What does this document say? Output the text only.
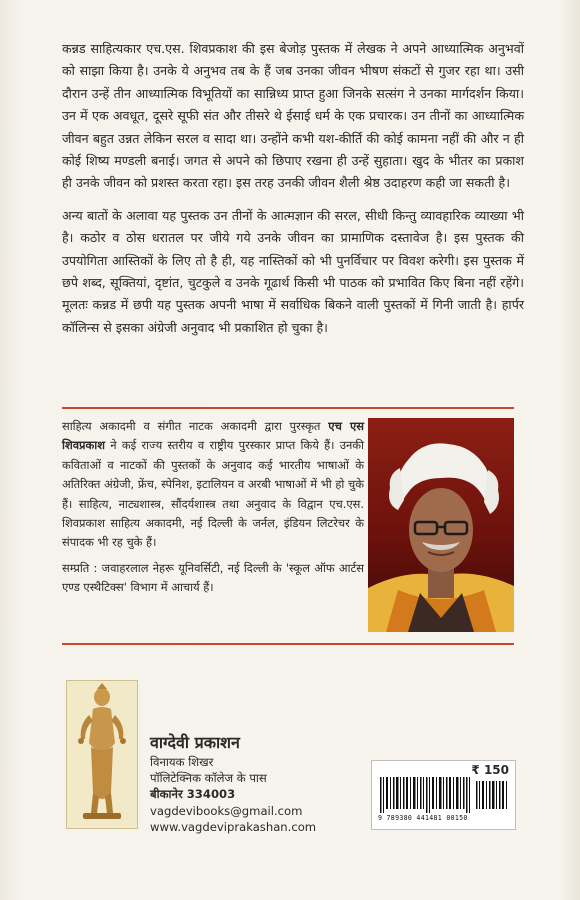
कन्नड साहित्यकार एच.एस. शिवप्रकाश की इस बेजोड़ पुस्तक में लेखक ने अपने आध्यात्मिक अनुभवों को साझा किया है। उनके ये अनुभव तब के हैं जब उनका जीवन भीषण संकटों से गुजर रहा था। उसी दौरान उन्हें तीन आध्यात्मिक विभूतियों का सान्निध्य प्राप्त हुआ जिनके सत्संग ने उनका मार्गदर्शन किया। उन में एक अवधूत, दूसरे सूफी संत और तीसरे थे ईसाई धर्म के एक प्रचारक। उन तीनों का आध्यात्मिक जीवन बहुत उन्नत लेकिन सरल व सादा था। उन्होंने कभी यश-कीर्ति की कोई कामना नहीं की और न ही कोई शिष्य मण्डली बनाई। जगत से अपने को छिपाए रखना ही उन्हें सुहाता। खुद के भीतर का प्रकाश ही उनके जीवन को प्रशस्त करता रहा। इस तरह उनकी जीवन शैली श्रेष्ठ उदाहरण कही जा सकती है।

अन्य बातों के अलावा यह पुस्तक उन तीनों के आत्मज्ञान की सरल, सीधी किन्तु व्यावहारिक व्याख्या भी है। कठोर व ठोस धरातल पर जीये गये उनके जीवन का प्रामाणिक दस्तावेज है। इस पुस्तक की उपयोगिता आस्तिकों के लिए तो है ही, यह नास्तिकों को भी पुनर्विचार पर विवश करेगी। इस पुस्तक में छपे शब्द, सूक्तियां, दृष्टांत, चुटकुले व उनके गूढार्थ किसी भी पाठक को प्रभावित किए बिना नहीं रहेंगे। मूलतः कन्नड में छपी यह पुस्तक अपनी भाषा में सर्वाधिक बिकने वाली पुस्तकों में गिनी जाती है। हार्पर कॉलिन्स से इसका अंग्रेजी अनुवाद भी प्रकाशित हो चुका है।

साहित्य अकादमी व संगीत नाटक अकादमी द्वारा पुरस्कृत एच एस शिवप्रकाश ने कई राज्य स्तरीय व राष्ट्रीय पुरस्कार प्राप्त किये हैं। उनकी कविताओं व नाटकों की पुस्तकों के अनुवाद कई भारतीय भाषाओं के अतिरिक्त अंग्रेजी, फ्रेंच, स्पेनिश, इटालियन व अरबी भाषाओं में भी हो चुके हैं। साहित्य, नाट्यशास्त्र, सौंदर्यशास्त्र तथा अनुवाद के विद्वान एच.एस. शिवप्रकाश साहित्य अकादमी, नई दिल्ली के जर्नल, इंडियन लिटरेचर के संपादक भी रह चुके हैं।

सम्प्रति : जवाहरलाल नेहरू यूनिवर्सिटी, नई दिल्ली के 'स्कूल ऑफ आर्टस एण्ड एस्थैटिक्स' विभाग में आचार्य हैं।

वाग्देवी प्रकाशन
विनायक शिखर
पॉलिटेक्निक कॉलेज के पास
बीकानेर 334003
vagdevibooks@gmail.com
www.vagdeviprakashan.com
₹ 150
9 789380 441481 00150
